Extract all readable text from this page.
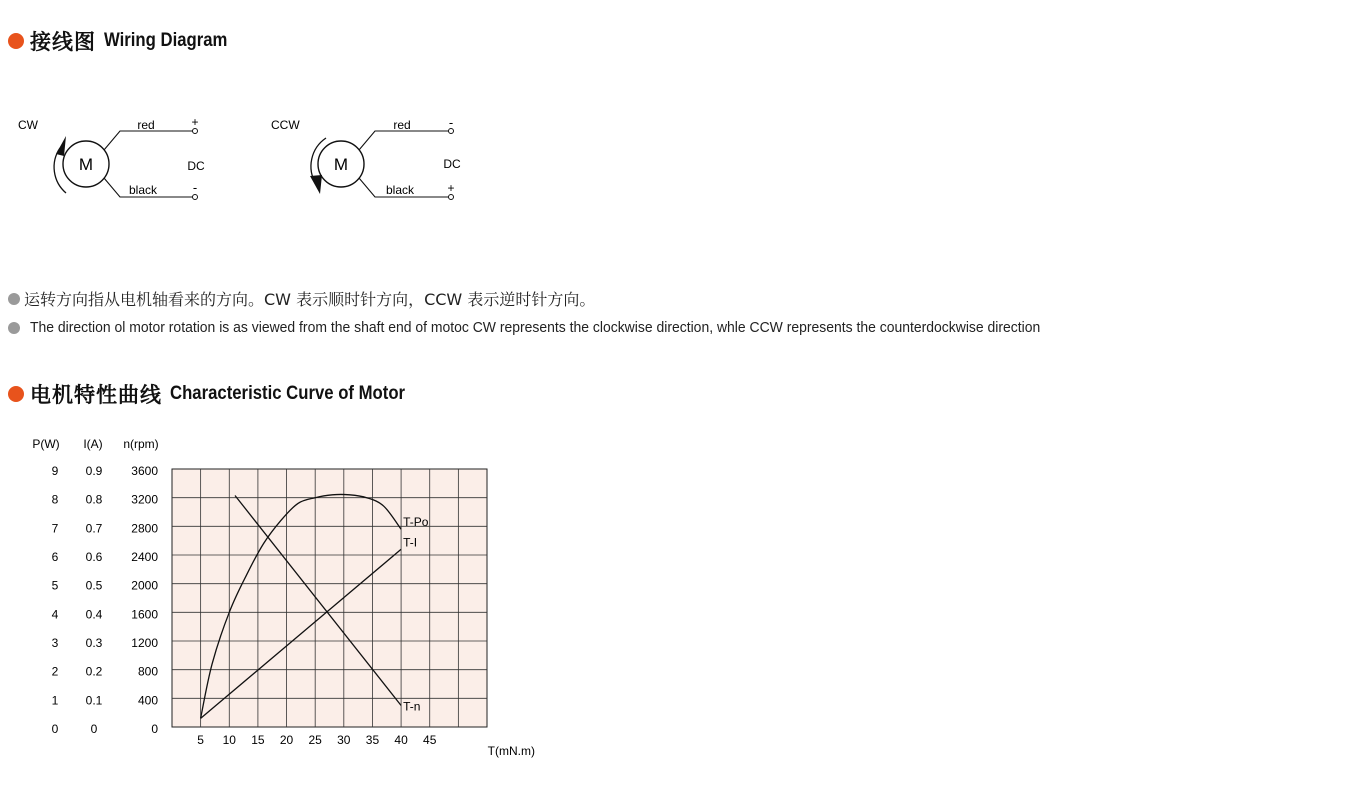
接线图 Wiring Diagram
CW
M
red
black
+
-
DC
CCW
M
red
black
-
+
DC
运转方向指从电机轴看来的方向。CW 表示顺时针方向，CCW 表示逆时针方向。
The direction ol motor rotation is as viewed from the shaft end of motoc CW represents the clockwise direction, whle CCW represents the counterdockwise direction
电机特性曲线 Characteristic Curve of Motor
P(W)
0
1
2
3
4
5
6
7
8
9
I(A)
0
0.1
0.2
0.3
0.4
0.5
0.6
0.7
0.8
0.9
n(rpm)
0
400
800
1200
1600
2000
2400
2800
3200
3600
5 10 15 20 25 30 35 40 45
T(mN.m)
T-Po
T-I
T-n
